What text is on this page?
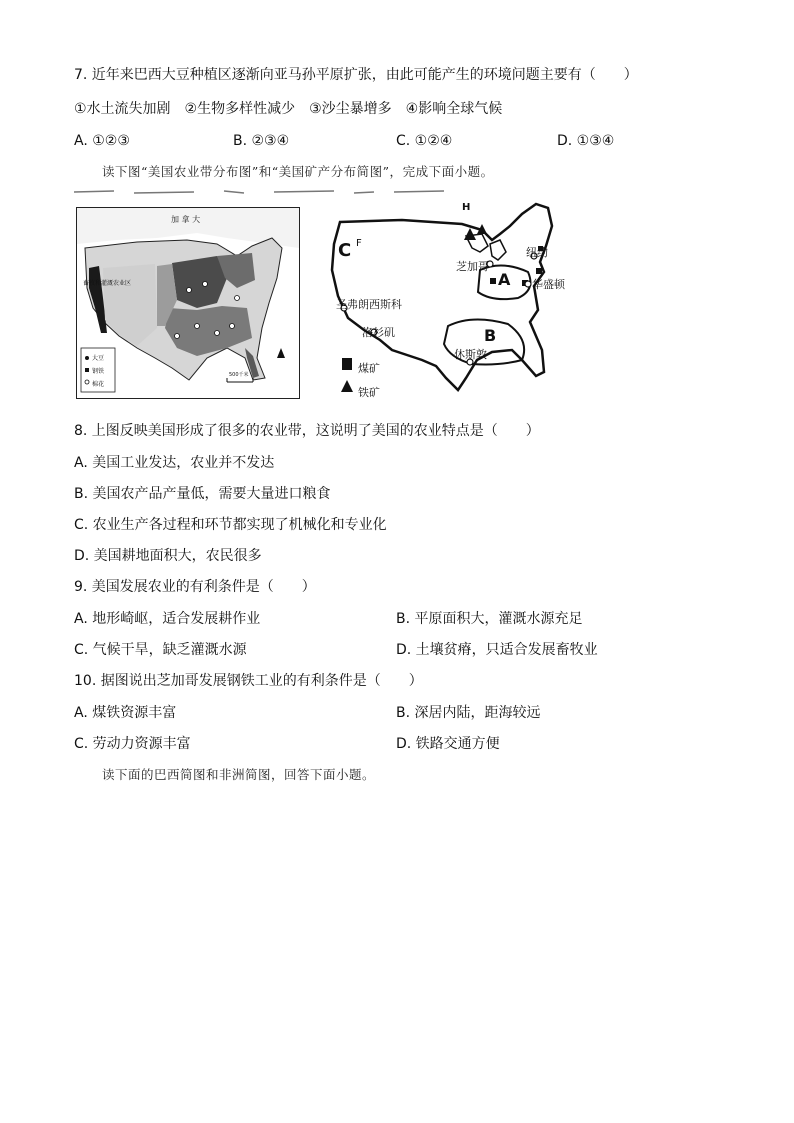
7. 近年来巴西大豆种植区逐渐向亚马孙平原扩张，由此可能产生的环境问题主要有（　　）
①水土流失加剧　②生物多样性减少　③沙尘暴增多　④影响全球气候
A. ①②③	B. ②③④	C. ①②④	D. ①③④
读下图“美国农业带分布图”和“美国矿产分布简图”，完成下面小题。
加 拿 大
畜牧和灌溉农业区
大豆
钢铁
棉花
500千米
H
C F
A
B
芝加哥
纽约
华盛顿
圣弗朗西斯科
洛杉矶
休斯敦
煤矿
铁矿
8. 上图反映美国形成了很多的农业带，这说明了美国的农业特点是（　　）
A. 美国工业发达，农业并不发达
B. 美国农产品产量低，需要大量进口粮食
C. 农业生产各过程和环节都实现了机械化和专业化
D. 美国耕地面积大，农民很多
9. 美国发展农业的有利条件是（　　）
A. 地形崎岖，适合发展耕作业	B. 平原面积大，灌溉水源充足
C. 气候干旱，缺乏灌溉水源	D. 土壤贫瘠，只适合发展畜牧业
10. 据图说出芝加哥发展钢铁工业的有利条件是（　　）
A. 煤铁资源丰富	B. 深居内陆，距海较远
C. 劳动力资源丰富	D. 铁路交通方便
读下面的巴西简图和非洲简图，回答下面小题。
